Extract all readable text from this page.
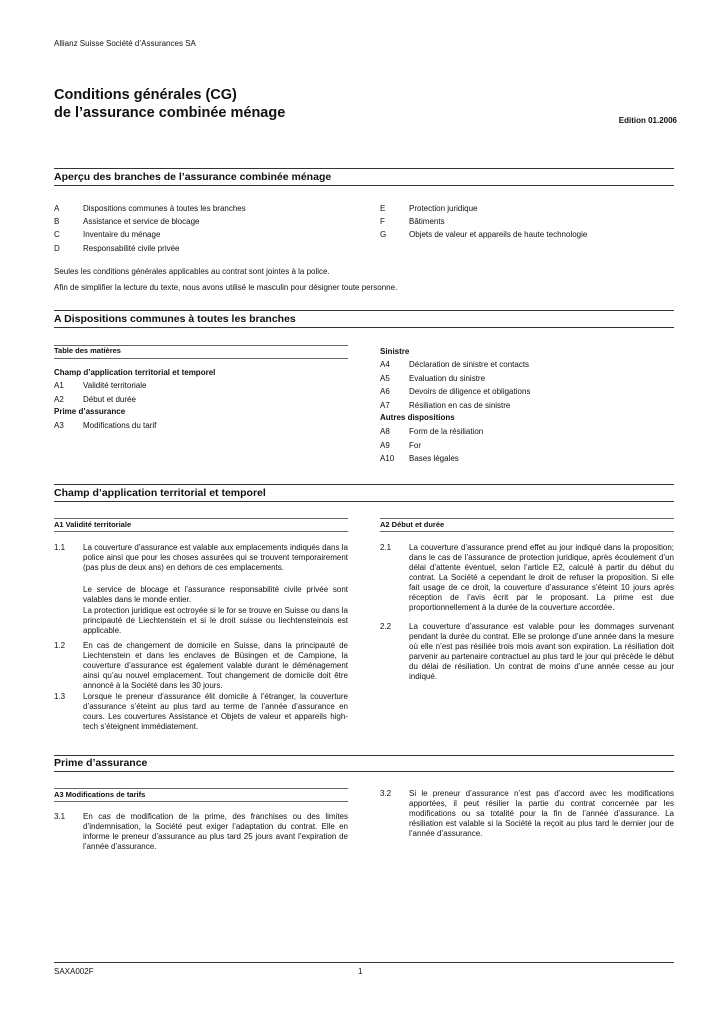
Allianz Suisse Société d’Assurances SA
Conditions générales (CG)
de l’assurance combinée ménage	Edition 01.2006
Aperçu des branches de l’assurance combinée ménage
A	Dispositions communes à toutes les branches
B	Assistance et service de blocage
C	Inventaire du ménage
D	Responsabilité civile privée
E	Protection juridique
F	Bâtiments
G	Objets de valeur et appareils de haute technologie
Seules les conditions générales applicables au contrat sont jointes à la police.
Afin de simplifier la lecture du texte, nous avons utilisé le masculin pour désigner toute personne.
A Dispositions communes à toutes les branches
Table des matières
Champ d’application territorial et temporel
A1 Validité territoriale
A2 Début et durée
Prime d’assurance
A3 Modifications du tarif
Sinistre
A4 Déclaration de sinistre et contacts
A5 Evaluation du sinistre
A6 Devoirs de diligence et obligations
A7 Résiliation en cas de sinistre
Autres dispositions
A8 Form de la résiliation
A9 For
A10 Bases légales
Champ d’application territorial et temporel
A1 Validité territoriale	A2 Début et durée
1.1 La couverture d’assurance est valable aux emplacements indiqués dans la police ainsi que pour les choses assurées qui se trouvent temporairement (pas plus de deux ans) en dehors de ces emplacements.
Le service de blocage et l’assurance responsabilité civile privée sont valables dans le monde entier.
La protection juridique est octroyée si le for se trouve en Suisse ou dans la principauté de Liechtenstein et si le droit suisse ou liechtensteinois est applicable.
1.2 En cas de changement de domicile en Suisse, dans la principauté de Liechtenstein et dans les enclaves de Büsingen et de Campione, la couverture d’assurance est également valable durant le déménagement ainsi qu’au nouvel emplacement. Tout changement de domicile doit être annoncé à la Société dans les 30 jours.
1.3 Lorsque le preneur d’assurance élit domicile à l’étranger, la couverture d’assurance s’éteint au plus tard au terme de l’année d’assurance en cours. Les couvertures Assistance et Objets de valeur et appareils high-tech s’éteignent immédiatement.
2.1 La couverture d’assurance prend effet au jour indiqué dans la proposition; dans le cas de l’assurance de protection juridique, après écoulement d’un délai d’attente éventuel, selon l’article E2, calculé à partir du début du contrat. La Société a cependant le droit de refuser la proposition. Si elle fait usage de ce droit, la couverture d’assurance s’éteint 10 jours après réception de l’avis écrit par le proposant. La prime est due proportionnellement à la durée de la couverture accordée.
2.2 La couverture d’assurance est valable pour les dommages survenant pendant la durée du contrat. Elle se prolonge d’une année dans la mesure où elle n’est pas résiliée trois mois avant son expiration. La résiliation doit parvenir au partenaire contractuel au plus tard le jour qui précède le début du délai de résiliation. Un contrat de moins d’une année cesse au jour indiqué.
Prime d’assurance
A3 Modifications de tarifs
3.1 En cas de modification de la prime, des franchises ou des limites d’indemnisation, la Société peut exiger l’adaptation du contrat. Elle en informe le preneur d’assurance au plus tard 25 jours avant l’expiration de l’année d’assurance.
3.2 Si le preneur d’assurance n’est pas d’accord avec les modifications apportées, il peut résilier la partie du contrat concernée par les modifications ou sa totalité pour la fin de l’année d’assurance. La résiliation est valable si la Société la reçoit au plus tard le dernier jour de l’année d’assurance.
SAXA002F	1
